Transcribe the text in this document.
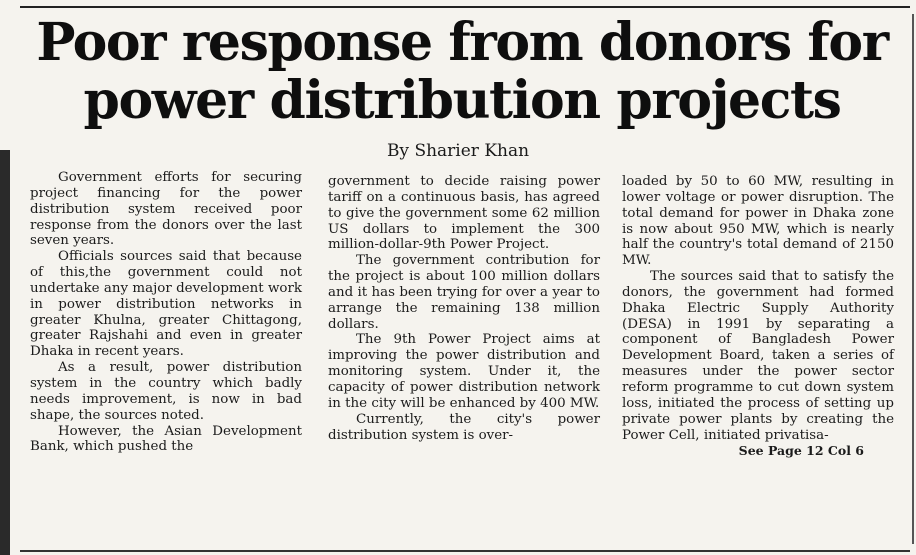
Poor response from donors for
power distribution projects
By Sharier Khan

Government efforts for securing project financing for the power distribution system received poor response from the donors over the last seven years.

Officials sources said that because of this,the government could not undertake any major development work in power distribution networks in greater Khulna, greater Chittagong, greater Rajshahi and even in greater Dhaka in recent years.

As a result, power distribution system in the country which badly needs improvement, is now in bad shape, the sources noted.

However, the Asian Development Bank, which pushed the

government to decide raising power tariff on a continuous basis, has agreed to give the government some 62 million US dollars to implement the 300 million-dollar-9th Power Project.

The government contribution for the project is about 100 million dollars and it has been trying for over a year to arrange the remaining 138 million dollars.

The 9th Power Project aims at improving the power distribution and monitoring system. Under it, the capacity of power distribution network in the city will be enhanced by 400 MW.

Currently, the city's power distribution system is over-

loaded by 50 to 60 MW, resulting in lower voltage or power disruption. The total demand for power in Dhaka zone is now about 950 MW, which is nearly half the country's total demand of 2150 MW.

The sources said that to satisfy the donors, the government had formed Dhaka Electric Supply Authority (DESA) in 1991 by separating a component of Bangladesh Power Development Board, taken a series of measures under the power sector reform programme to cut down system loss, initiated the process of setting up private power plants by creating the Power Cell, initiated privatisa-

See Page 12 Col 6
